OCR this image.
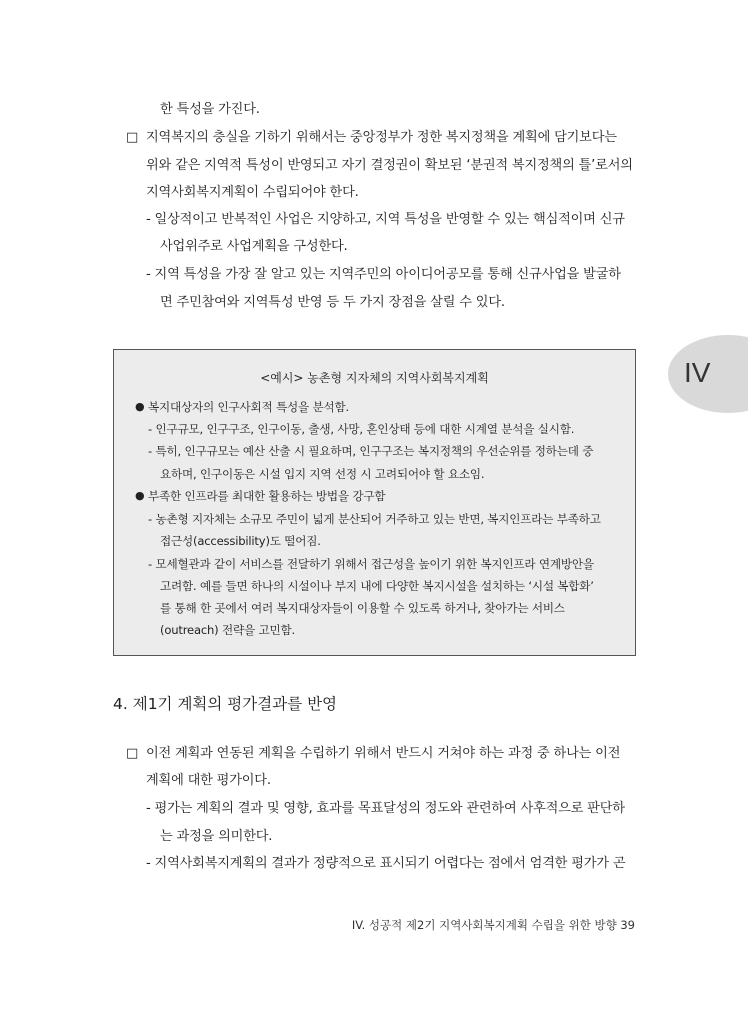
IV
한 특성을 가진다.
□ 지역복지의 충실을 기하기 위해서는 중앙정부가 정한 복지정책을 계획에 담기보다는
위와 같은 지역적 특성이 반영되고 자기 결정권이 확보된 ‘분권적 복지정책의 틀’로서의
지역사회복지계획이 수립되어야 한다.
- 일상적이고 반복적인 사업은 지양하고, 지역 특성을 반영할 수 있는 핵심적이며 신규
사업위주로 사업계획을 구성한다.
- 지역 특성을 가장 잘 알고 있는 지역주민의 아이디어공모를 통해 신규사업을 발굴하
면 주민참여와 지역특성 반영 등 두 가지 장점을 살릴 수 있다.
<예시> 농촌형 지자체의 지역사회복지계획
● 복지대상자의 인구사회적 특성을 분석함.
- 인구규모, 인구구조, 인구이동, 출생, 사망, 혼인상태 등에 대한 시계열 분석을 실시함.
- 특히, 인구규모는 예산 산출 시 필요하며, 인구구조는 복지정책의 우선순위를 정하는데 중
요하며, 인구이동은 시설 입지 지역 선정 시 고려되어야 할 요소임.
● 부족한 인프라를 최대한 활용하는 방법을 강구함
- 농촌형 지자체는 소규모 주민이 넓게 분산되어 거주하고 있는 반면, 복지인프라는 부족하고
접근성(accessibility)도 떨어짐.
- 모세혈관과 같이 서비스를 전달하기 위해서 접근성을 높이기 위한 복지인프라 연계방안을
고려함. 예를 들면 하나의 시설이나 부지 내에 다양한 복지시설을 설치하는 ‘시설 복합화’
를 통해 한 곳에서 여러 복지대상자들이 이용할 수 있도록 하거나, 찾아가는 서비스
(outreach) 전략을 고민함.
4. 제1기 계획의 평가결과를 반영
□ 이전 계획과 연동된 계획을 수립하기 위해서 반드시 거쳐야 하는 과정 중 하나는 이전
계획에 대한 평가이다.
- 평가는 계획의 결과 및 영향, 효과를 목표달성의 정도와 관련하여 사후적으로 판단하
는 과정을 의미한다.
- 지역사회복지계획의 결과가 정량적으로 표시되기 어렵다는 점에서 엄격한 평가가 곤
IV. 성공적 제2기 지역사회복지계획 수립을 위한 방향 39
